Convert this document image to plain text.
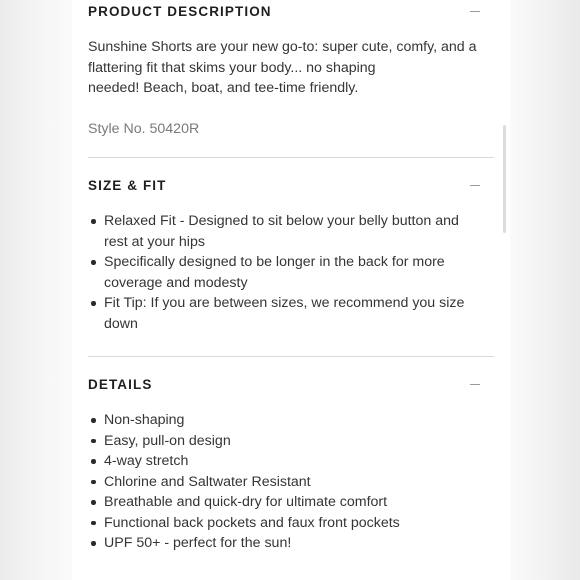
PRODUCT DESCRIPTION

Sunshine Shorts are your new go-to: super cute, comfy, and a

flattering fit that skims your body... no shaping

needed! Beach, boat, and tee-time friendly.

Style No. 50420R

SIZE & FIT
Relaxed Fit - Designed to sit below your belly button and
rest at your hips
Specifically designed to be longer in the back for more
coverage and modesty
Fit Tip: If you are between sizes, we recommend you size
down
DETAILS
Non-shaping
Easy, pull-on design
4-way stretch
Chlorine and Saltwater Resistant
Breathable and quick-dry for ultimate comfort
Functional back pockets and faux front pockets
UPF 50+ - perfect for the sun!
